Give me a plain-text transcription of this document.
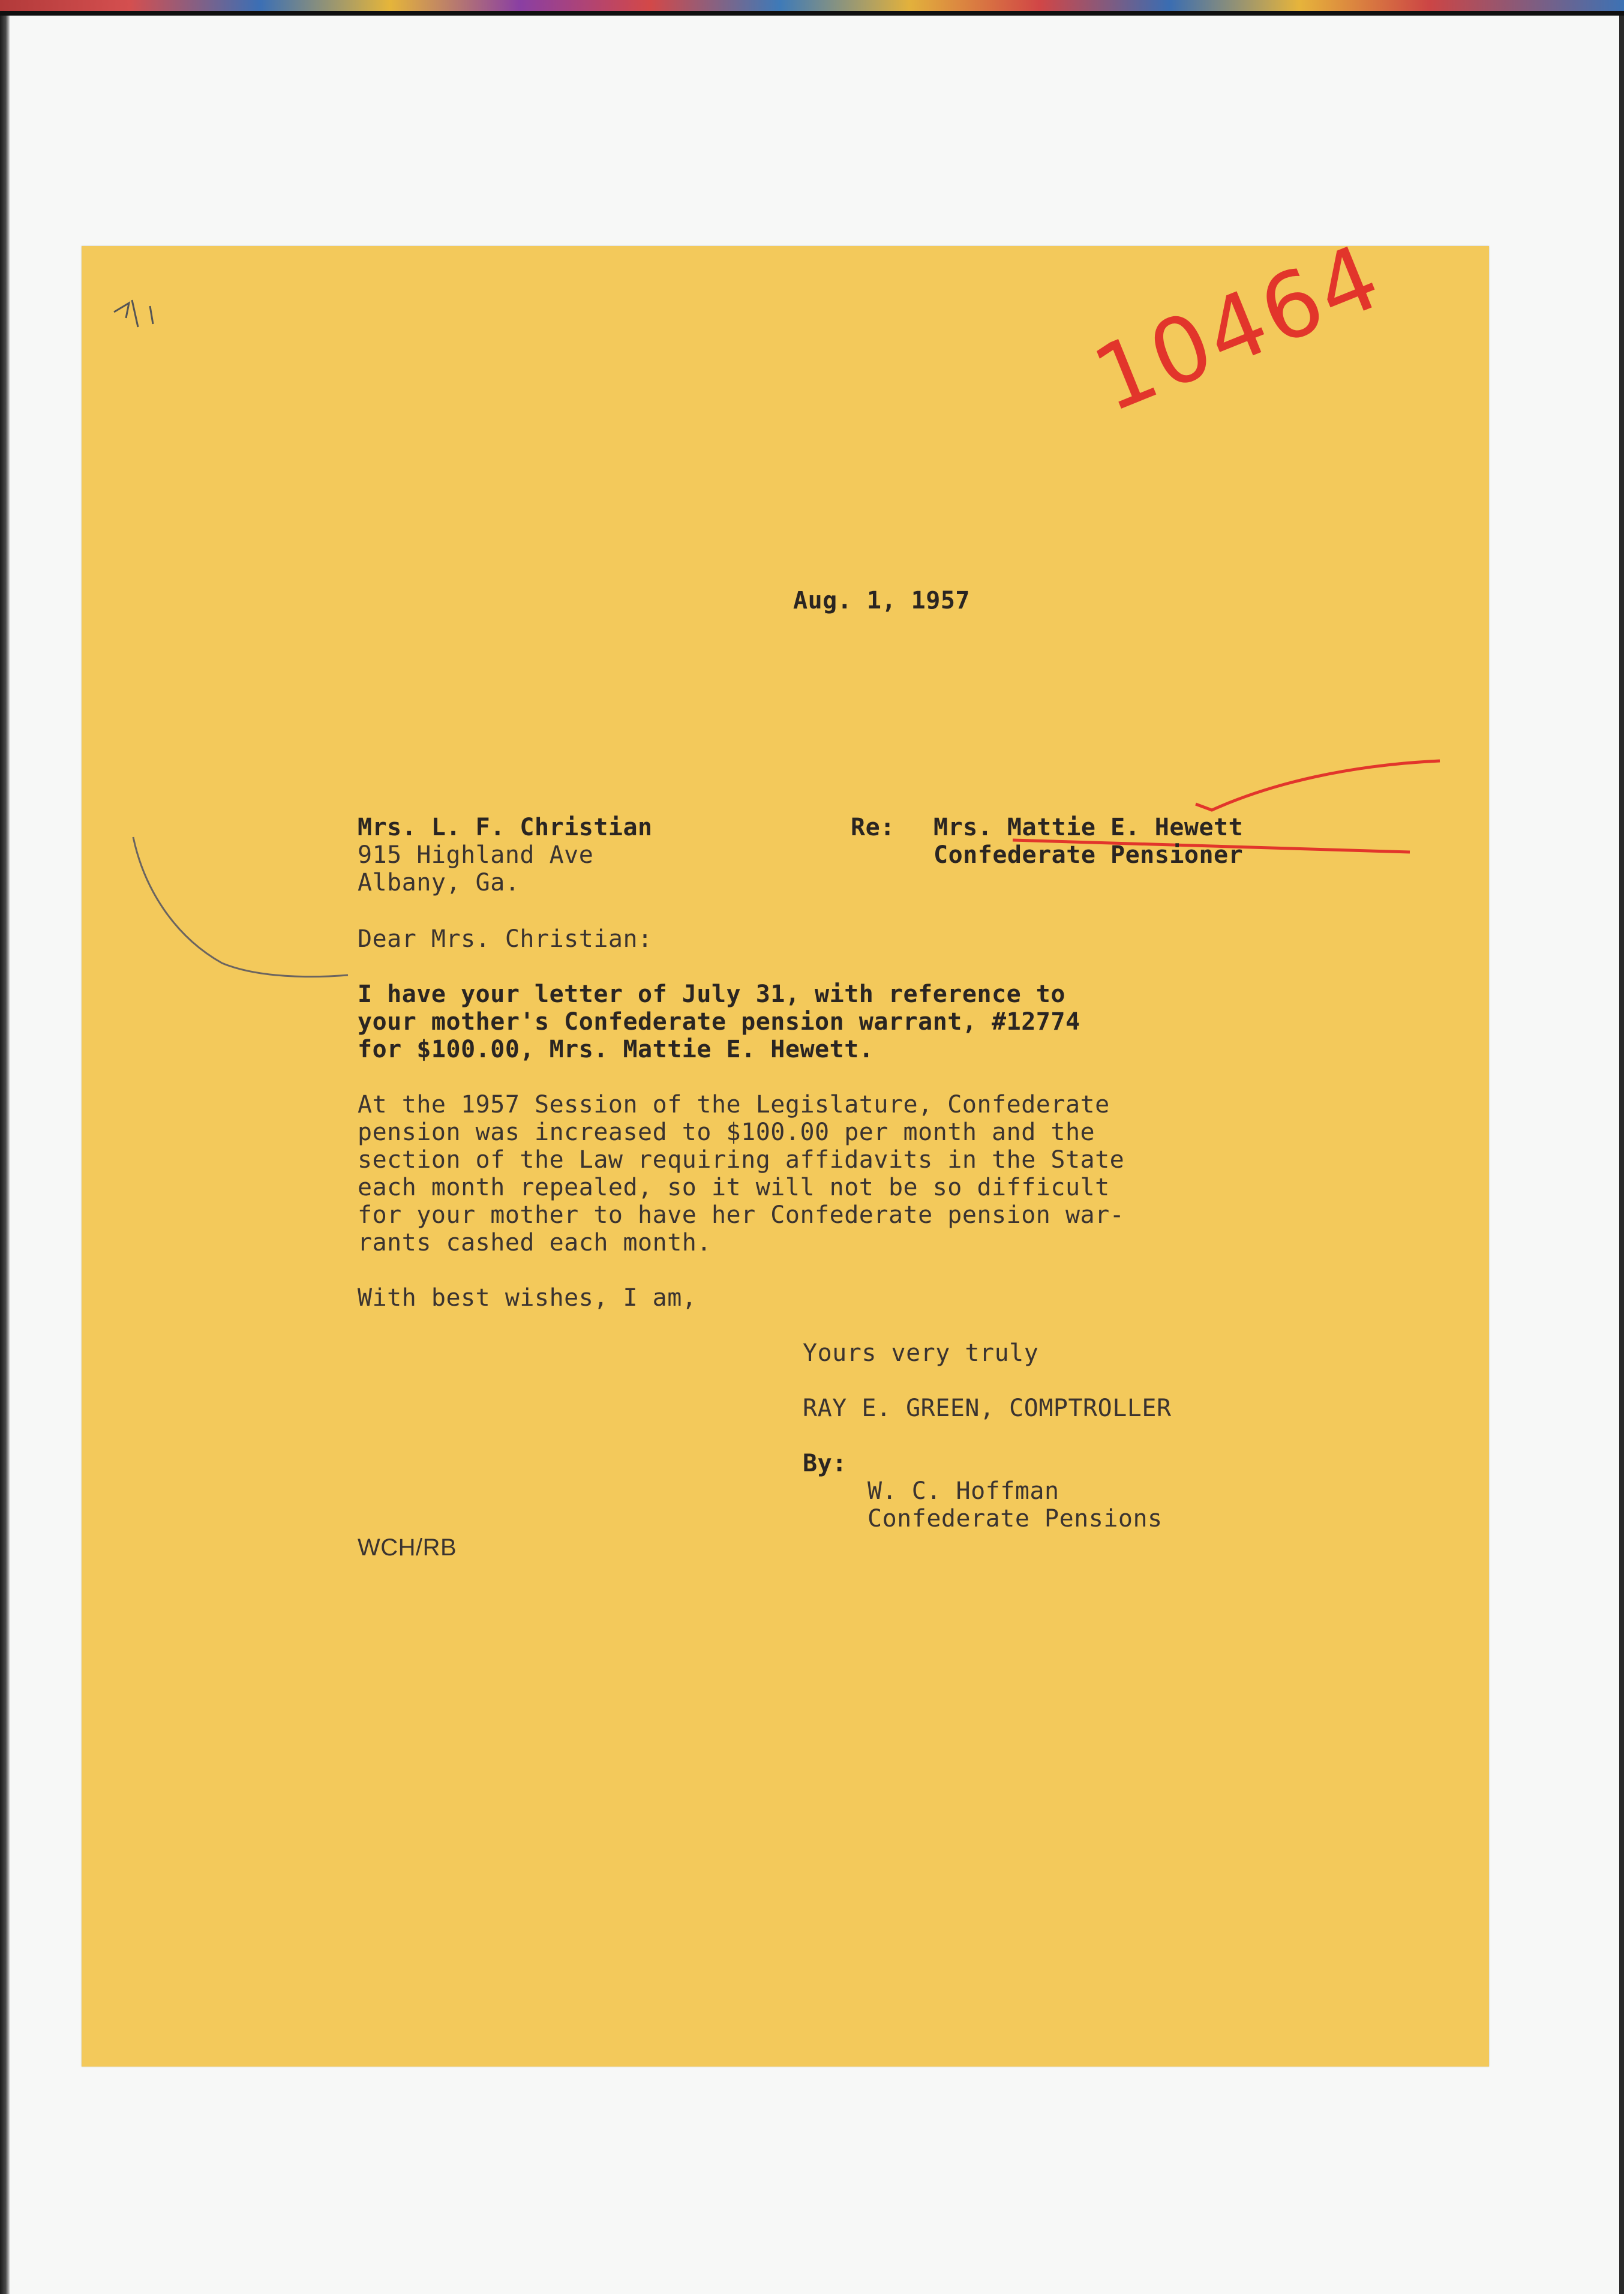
10464
Aug. 1, 1957
Mrs. L. F. Christian
915 Highland Ave
Albany, Ga.
Re: Mrs. Mattie E. Hewett
Confederate Pensioner
Dear Mrs. Christian:
I have your letter of July 31, with reference to
your mother's Confederate pension warrant, #12774
for $100.00, Mrs. Mattie E. Hewett.
At the 1957 Session of the Legislature, Confederate
pension was increased to $100.00 per month and the
section of the Law requiring affidavits in the State
each month repealed, so it will not be so difficult
for your mother to have her Confederate pension war-
rants cashed each month.
With best wishes, I am,
Yours very truly
RAY E. GREEN, COMPTROLLER
By:
W. C. Hoffman
Confederate Pensions
WCH/RB
